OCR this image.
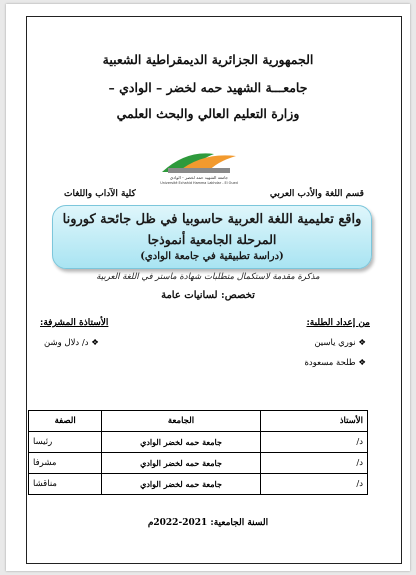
الجمهورية الجزائرية الديمقراطية الشعبية
جامعـــة الشهيد حمه لخضر – الوادي –
وزارة التعليم العالي والبحث العلمي
جامعة الشهيد حمة لخضر - الوادي
Université Echahid Hamma Lakhdar - El Oued
قسم اللغة والأدب العربي
كلية الآداب واللغات
واقع تعليمية اللغة العربية حاسوبيا في ظل جائحة كورونا
المرحلة الجامعية أنموذجا
(دراسة تطبيقية في جامعة الوادي)
مذكرة مقدمة لاستكمال متطلبات شهادة ماستر في اللغة العربية
تخصص: لسانيات عامة
من إعداد الطلبة:
❖ نوري ياسين
❖ طلحة مسعودة
الأستاذة المشرفة:
❖ د/ دلال وشن
الأستاذ	الجامعة	الصفة
د/	جامعة حمه لخضر الوادي	رئيسا
د/	جامعة حمه لخضر الوادي	مشرفا
د/	جامعة حمه لخضر الوادي	مناقشا
السنة الجامعية: 2021-2022م
